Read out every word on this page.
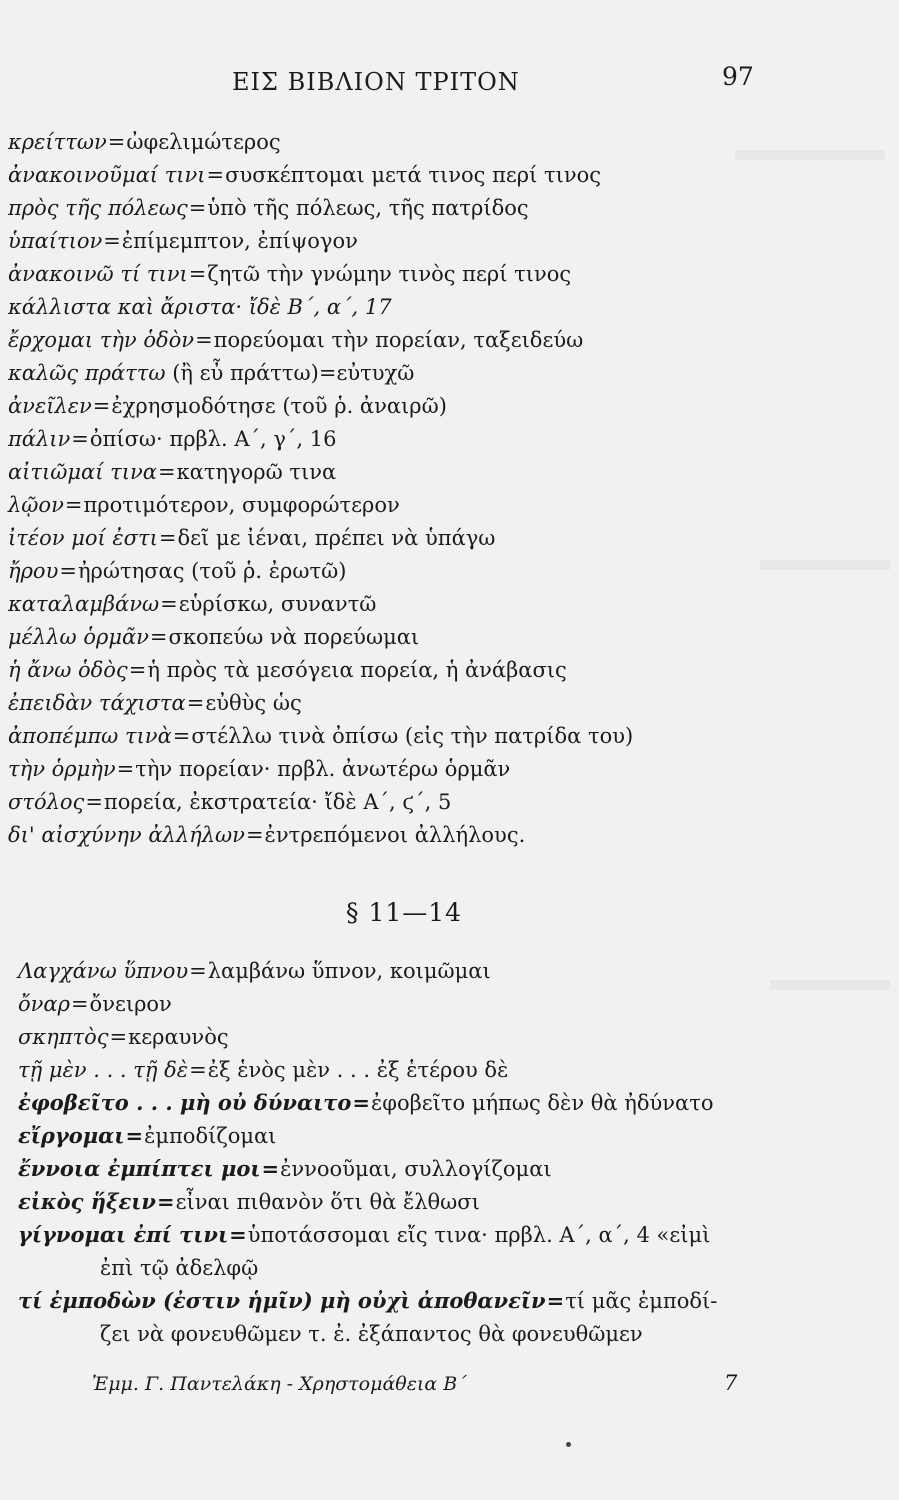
ΕΙΣ ΒΙΒΛΙΟΝ ΤΡΙΤΟΝ	97
κρείττων=ὠφελιμώτερος
ἀνακοινοῦμαί τινι=συσκέπτομαι μετά τινος περί τινος
πρὸς τῆς πόλεως=ὑπὸ τῆς πόλεως, τῆς πατρίδος
ὑπαίτιον=ἐπίμεμπτον, ἐπίψογον
ἀνακοινῶ τί τινι=ζητῶ τὴν γνώμην τινὸς περί τινος
κάλλιστα καὶ ἄριστα· ἴδὲ Β΄, α΄, 17
ἔρχομαι τὴν ὁδὸν=πορεύομαι τὴν πορείαν, ταξειδεύω
καλῶς πράττω (ἢ εὖ πράττω)=εὐτυχῶ
ἀνεῖλεν=ἐχρησμοδότησε (τοῦ ῥ. ἀναιρῶ)
πάλιν=ὀπίσω· πρβλ. Α΄, γ΄, 16
αἰτιῶμαί τινα=κατηγορῶ τινα
λῷον=προτιμότερον, συμφορώτερον
ἰτέον μοί ἐστι=δεῖ με ἰέναι, πρέπει νὰ ὑπάγω
ἤρου=ἠρώτησας (τοῦ ῥ. ἐρωτῶ)
καταλαμβάνω=εὑρίσκω, συναντῶ
μέλλω ὁρμᾶν=σκοπεύω νὰ πορεύωμαι
ἡ ἄνω ὁδὸς=ἡ πρὸς τὰ μεσόγεια πορεία, ἡ ἀνάβασις
ἐπειδὰν τάχιστα=εὐθὺς ὡς
ἀποπέμπω τινὰ=στέλλω τινὰ ὀπίσω (εἰς τὴν πατρίδα του)
τὴν ὁρμὴν=τὴν πορείαν· πρβλ. ἀνωτέρω ὁρμᾶν
στόλος=πορεία, ἐκστρατεία· ἴδὲ Α΄, ϛ΄, 5
δι' αἰσχύνην ἀλλήλων=ἐντρεπόμενοι ἀλλήλους.
§ 11—14
Λαγχάνω ὕπνου=λαμβάνω ὕπνον, κοιμῶμαι
ὄναρ=ὄνειρον
σκηπτὸς=κεραυνὸς
τῇ μὲν . . . τῇ δὲ=ἐξ ἑνὸς μὲν . . . ἐξ ἑτέρου δὲ
ἐφοβεῖτο . . . μὴ οὐ δύναιτο=ἐφοβεῖτο μήπως δὲν θὰ ἠδύνατο
εἴργομαι=ἐμποδίζομαι
ἔννοια ἐμπίπτει μοι=ἐννοοῦμαι, συλλογίζομαι
εἰκὸς ἥξειν=εἶναι πιθανὸν ὅτι θὰ ἔλθωσι
γίγνομαι ἐπί τινι=ὑποτάσσομαι εἴς τινα· πρβλ. Α΄, α΄, 4 «εἰμὶ
ἐπὶ τῷ ἀδελφῷ
τί ἐμποδὼν (ἐστιν ἡμῖν) μὴ οὐχὶ ἀποθανεῖν=τί μᾶς ἐμποδί-
ζει νὰ φονευθῶμεν τ. ἐ. ἐξάπαντος θὰ φονευθῶμεν
Ἐμμ. Γ. Παντελάκη - Χρηστομάθεια Β΄	7
